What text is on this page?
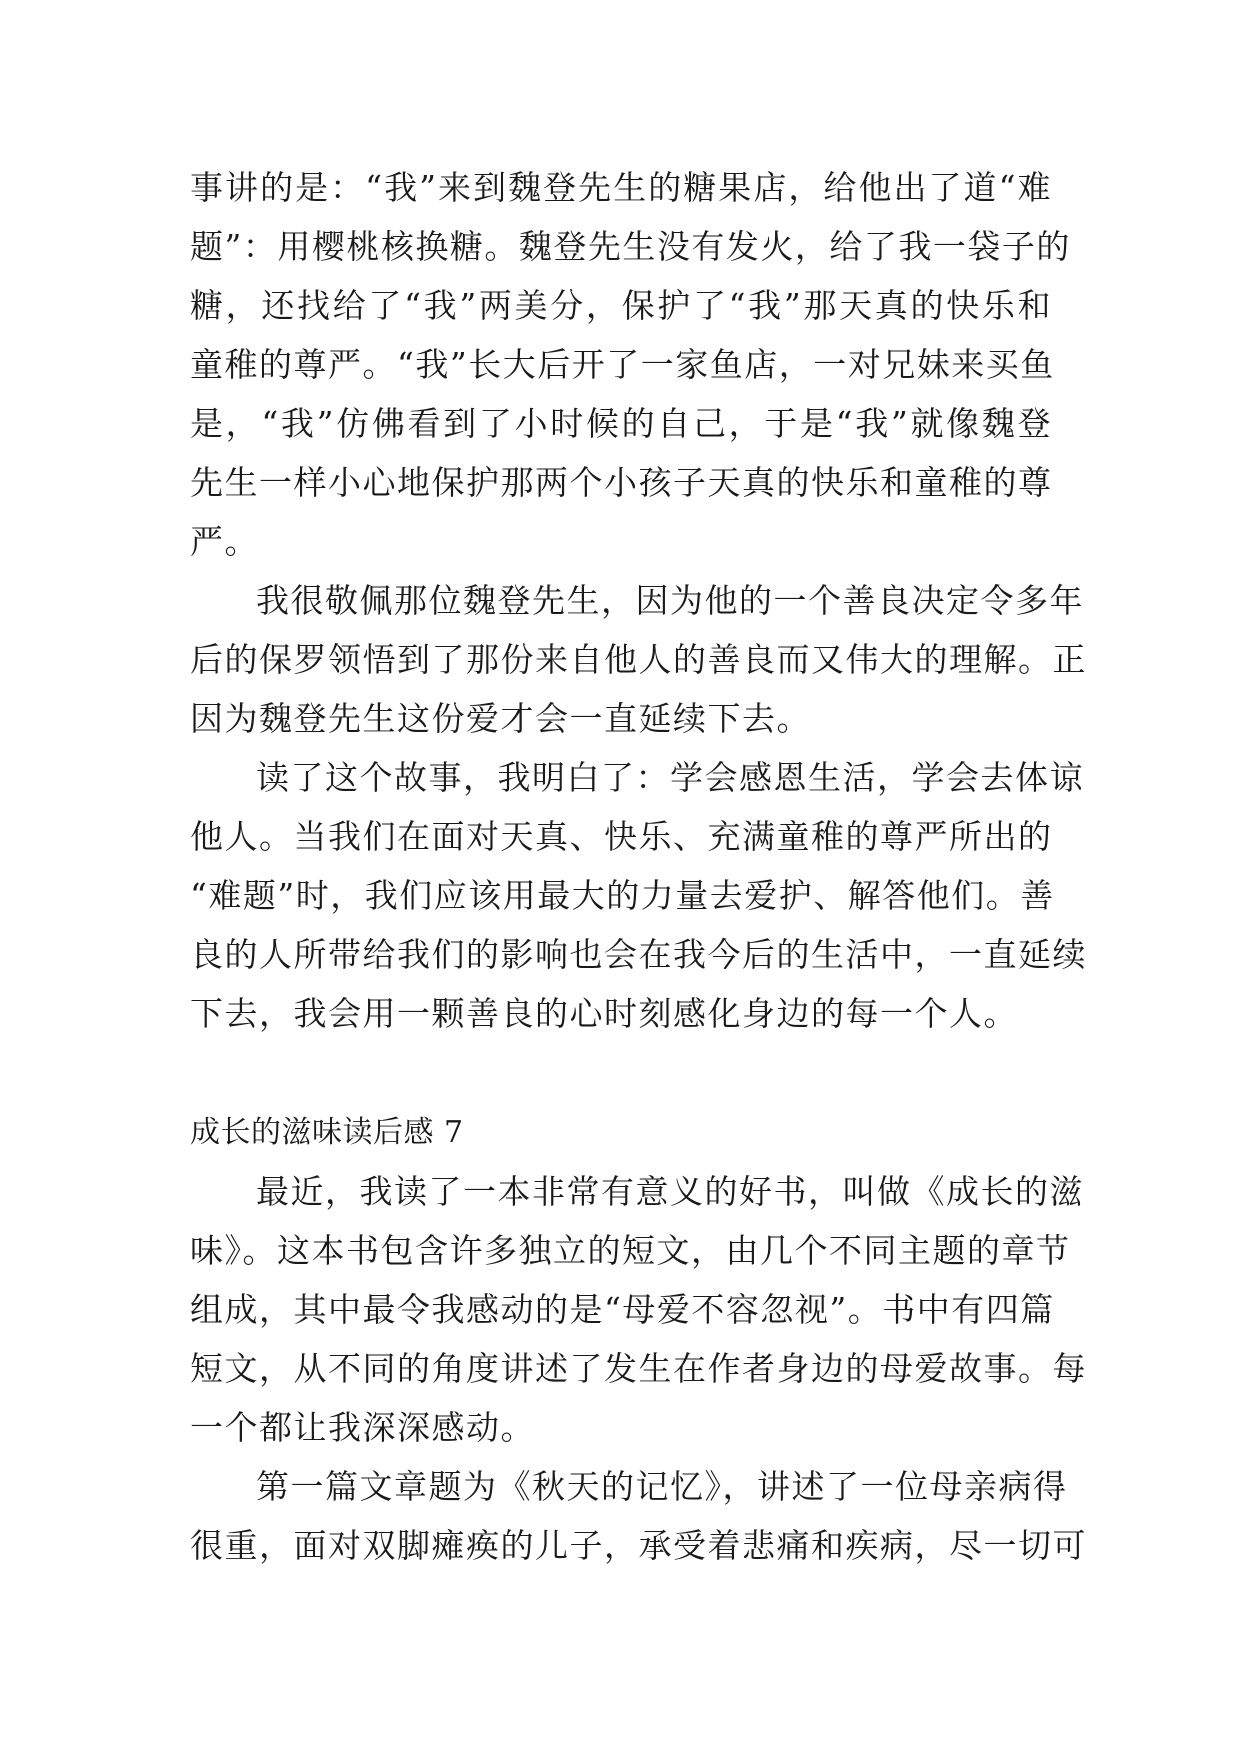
事讲的是：“我”来到魏登先生的糖果店，给他出了道“难
题”：用樱桃核换糖。魏登先生没有发火，给了我一袋子的
糖，还找给了“我”两美分，保护了“我”那天真的快乐和
童稚的尊严。“我”长大后开了一家鱼店，一对兄妹来买鱼
是，“我”仿佛看到了小时候的自己，于是“我”就像魏登
先生一样小心地保护那两个小孩子天真的快乐和童稚的尊
严。
我很敬佩那位魏登先生，因为他的一个善良决定令多年
后的保罗领悟到了那份来自他人的善良而又伟大的理解。正
因为魏登先生这份爱才会一直延续下去。
读了这个故事，我明白了：学会感恩生活，学会去体谅
他人。当我们在面对天真、快乐、充满童稚的尊严所出的
“难题”时，我们应该用最大的力量去爱护、解答他们。善
良的人所带给我们的影响也会在我今后的生活中，一直延续
下去，我会用一颗善良的心时刻感化身边的每一个人。
成长的滋味读后感 7
最近，我读了一本非常有意义的好书，叫做《成长的滋
味》。这本书包含许多独立的短文，由几个不同主题的章节
组成，其中最令我感动的是“母爱不容忽视”。书中有四篇
短文，从不同的角度讲述了发生在作者身边的母爱故事。每
一个都让我深深感动。
第一篇文章题为《秋天的记忆》，讲述了一位母亲病得
很重，面对双脚瘫痪的儿子，承受着悲痛和疾病，尽一切可
